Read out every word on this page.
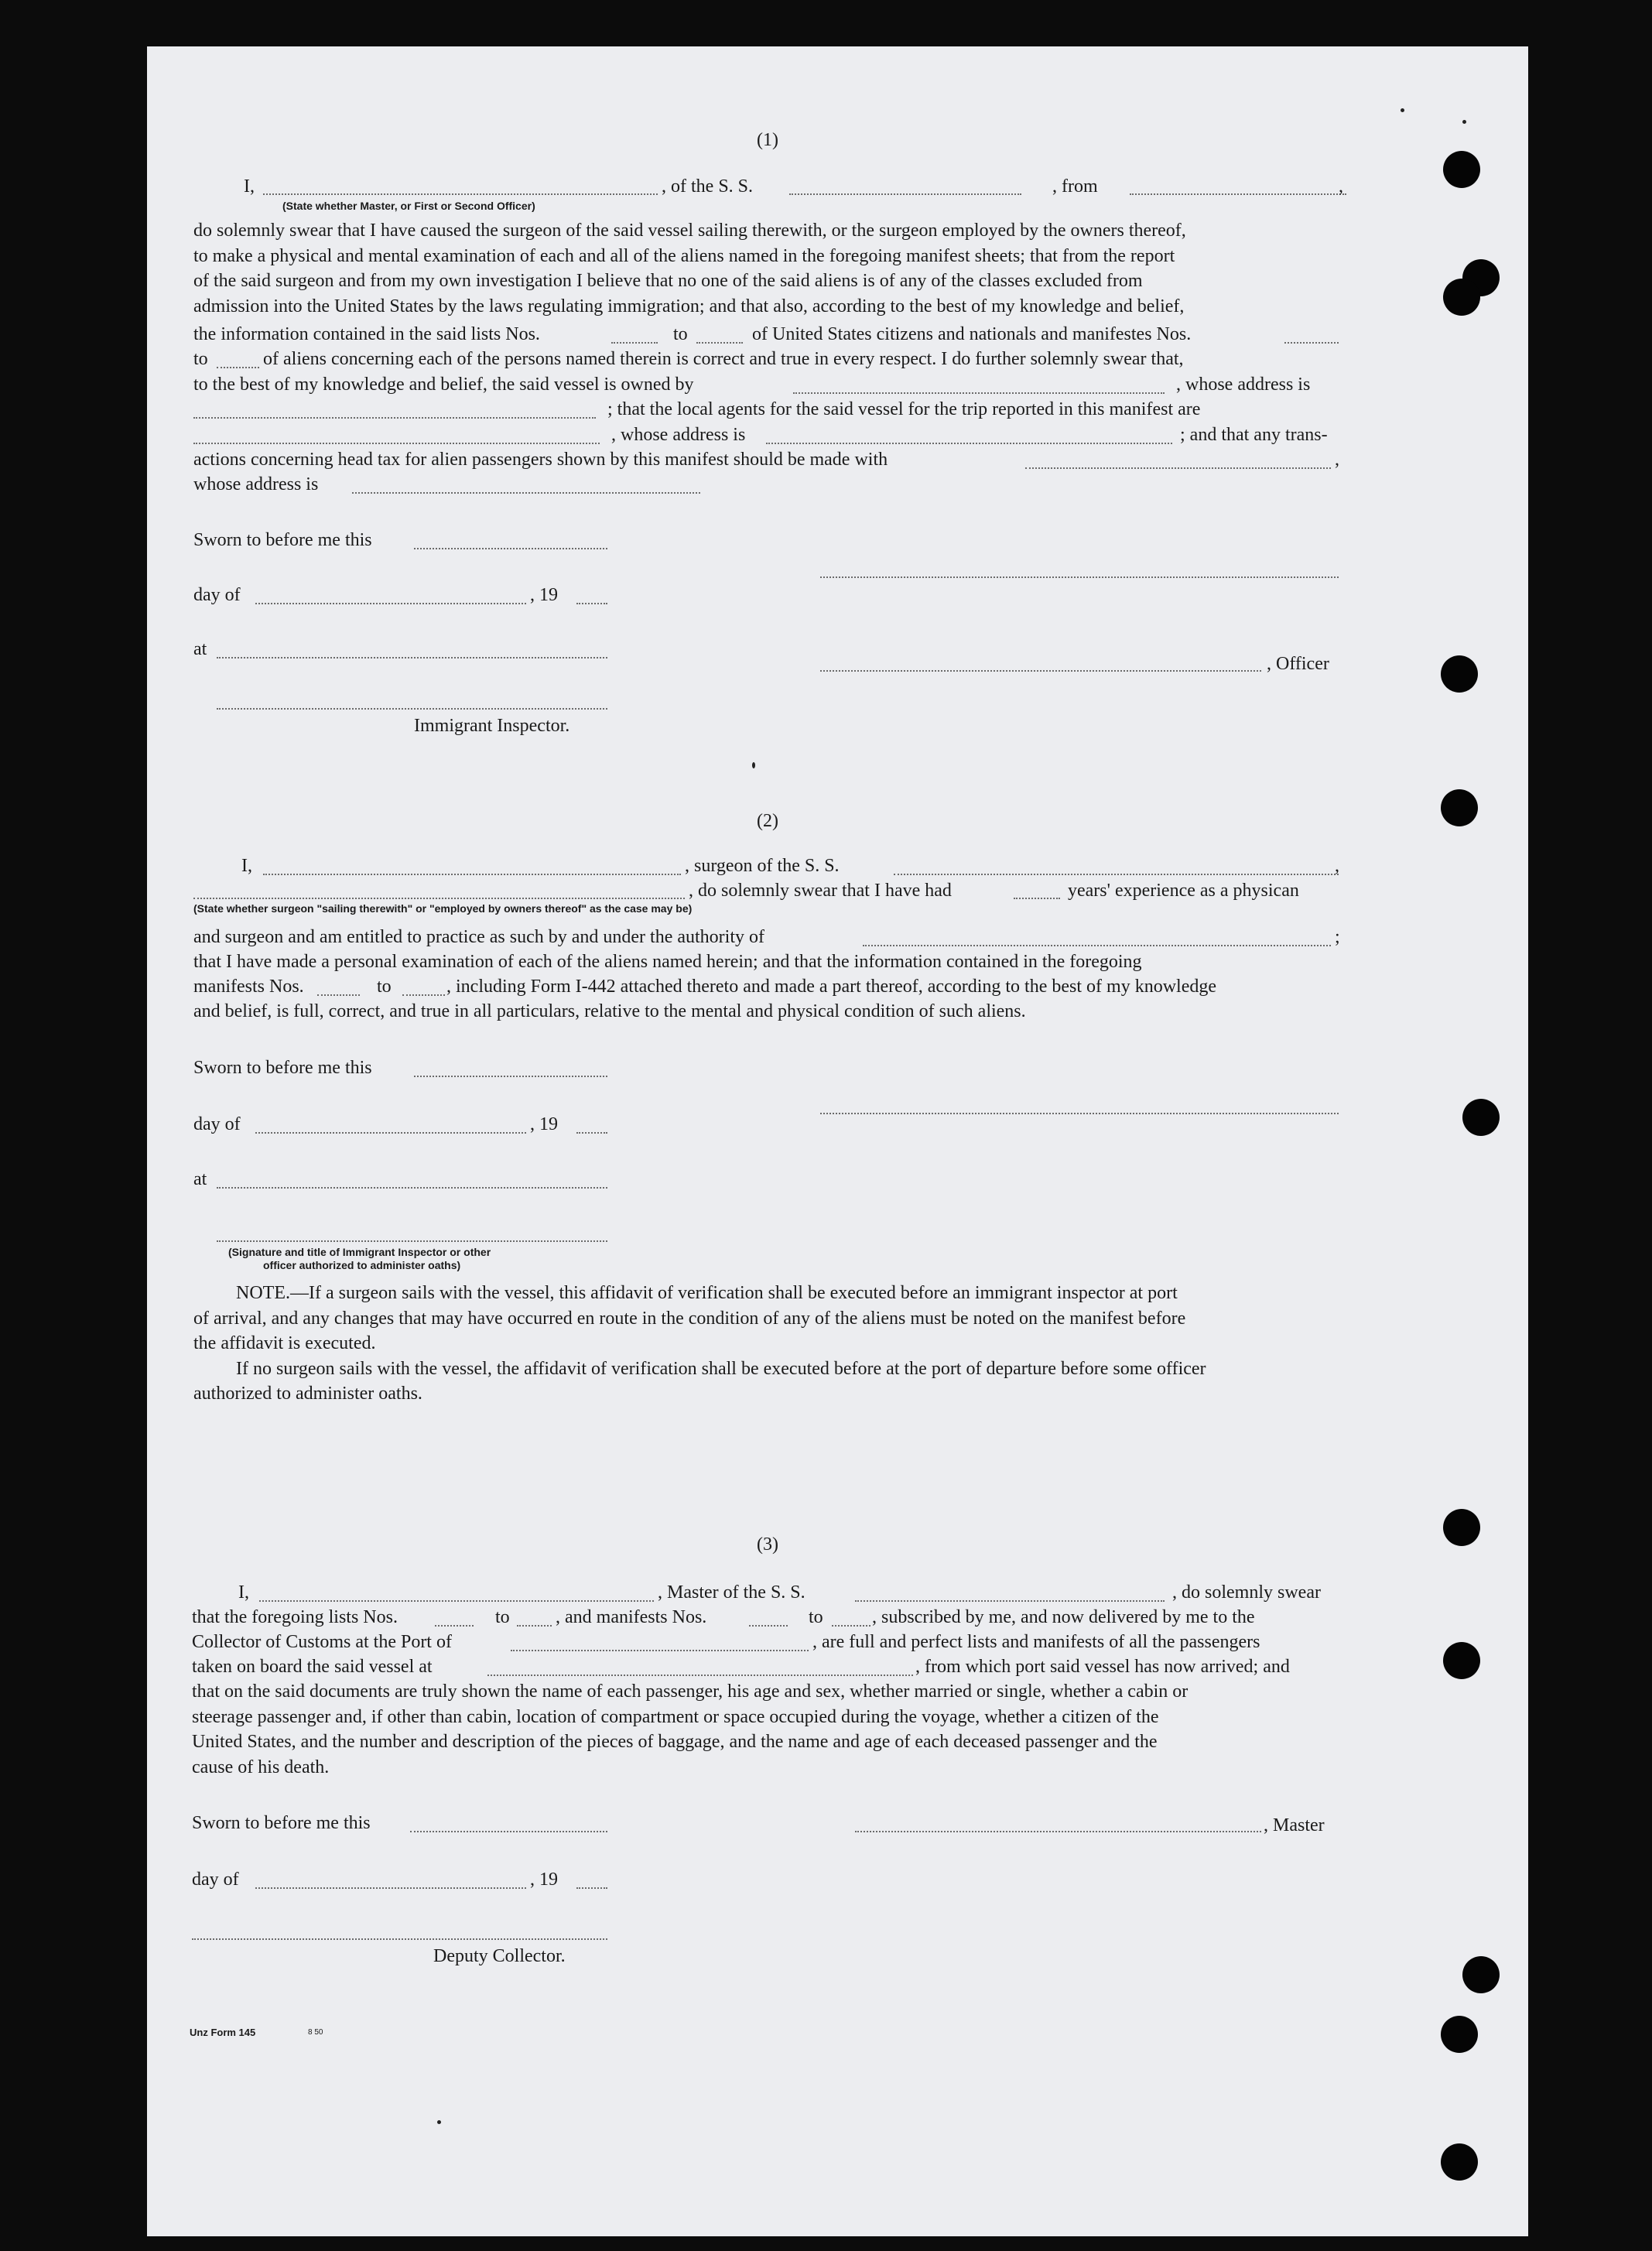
(1)
I,	, of the S. S.	, from	,
(State whether Master, or First or Second Officer)

do solemnly swear that I have caused the surgeon of the said vessel sailing therewith, or the surgeon employed by the owners thereof,

to make a physical and mental examination of each and all of the aliens named in the foregoing manifest sheets; that from the report

of the said surgeon and from my own investigation I believe that no one of the said aliens is of any of the classes excluded from

admission into the United States by the laws regulating immigration; and that also, according to the best of my knowledge and belief,

the information contained in the said lists Nos.	to	of United States citizens and nationals and manifestes Nos.
to	of aliens concerning each of the persons named therein is correct and true in every respect. I do further solemnly swear that,
to the best of my knowledge and belief, the said vessel is owned by	, whose address is
; that the local agents for the said vessel for the trip reported in this manifest are
, whose address is	; and that any trans-
actions concerning head tax for alien passengers shown by this manifest should be made with	,
whose address is
Sworn to before me this
day of	, 19
at
, Officer
Immigrant Inspector.
(2)
I,	, surgeon of the S. S.	,
, do solemnly swear that I have had	years' experience as a physican
(State whether surgeon "sailing therewith" or "employed by owners thereof" as the case may be)
and surgeon and am entitled to practice as such by and under the authority of	;

that I have made a personal examination of each of the aliens named herein; and that the information contained in the foregoing

manifests Nos.	to	, including Form I-442 attached thereto and made a part thereof, according to the best of my knowledge
and belief, is full, correct, and true in all particulars, relative to the mental and physical condition of such aliens.
Sworn to before me this
day of	, 19
at
(Signature and title of Immigrant Inspector or other
officer authorized to administer oaths)

NOTE.—If a surgeon sails with the vessel, this affidavit of verification shall be executed before an immigrant inspector at port

of arrival, and any changes that may have occurred en route in the condition of any of the aliens must be noted on the manifest before

the affidavit is executed.

If no surgeon sails with the vessel, the affidavit of verification shall be executed before at the port of departure before some officer

authorized to administer oaths.

(3)
I,	, Master of the S. S.	, do solemnly swear
that the foregoing lists Nos.	to , and manifests Nos.	to	, subscribed by me, and now delivered by me to the
Collector of Customs at the Port of	, are full and perfect lists and manifests of all the passengers
taken on board the said vessel at	, from which port said vessel has now arrived; and

that on the said documents are truly shown the name of each passenger, his age and sex, whether married or single, whether a cabin or

steerage passenger and, if other than cabin, location of compartment or space occupied during the voyage, whether a citizen of the

United States, and the number and description of the pieces of baggage, and the name and age of each deceased passenger and the

cause of his death.

Sworn to before me this	, Master
day of	, 19
Deputy Collector.
Unz Form 145	8 50
